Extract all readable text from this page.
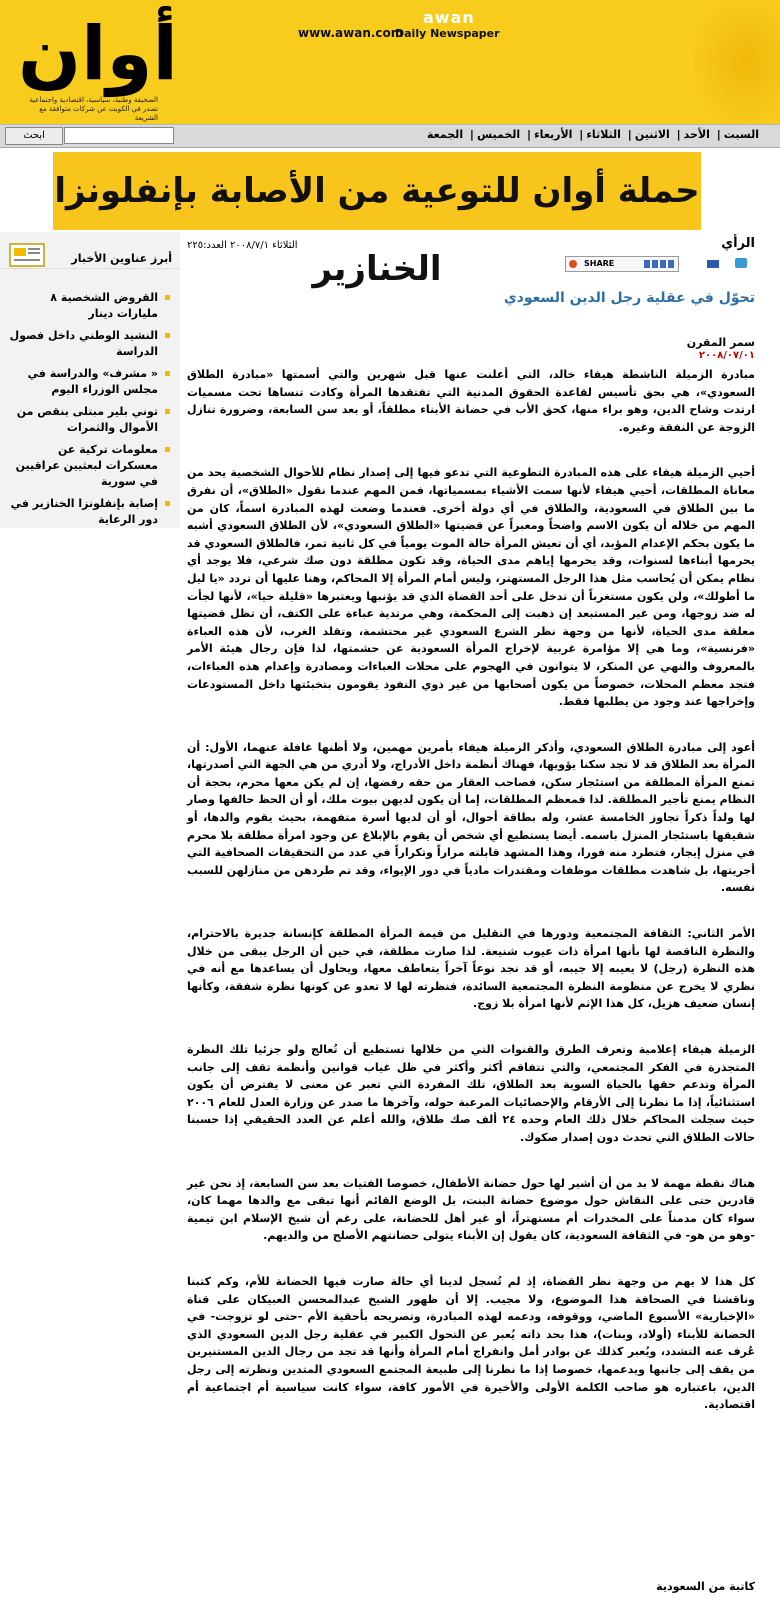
أوان
الصحيفة وطنية، سياسية، اقتصادية واجتماعية تصدر في الكويت عن شركات متوافقة مع الشريعة
www.awan.com
awan
Daily Newspaper
ابحث	السبت| الأحد| الاثنين| الثلاثاء| الأربعاء| الخميس| الجمعة
حملة أوان للتوعية من الأصابة بإنفلونزا الخنازير
أبرز عناوين الأخبار
القروض الشخصية ٨ مليارات دينار
النشيد الوطني داخل فصول الدراسة
« مشرف» والدراسة في مجلس الوزراء اليوم
توني بلير مبتلى بنقص من الأموال والثمرات
معلومات تركية عن معسكرات لبعثيين عراقيين في سورية
إصابة بإنفلونزا الخنازير في دور الرعاية
الرأي
الثلاثاء ٢٠٠٨/٧/١ العدد:٢٢٥
SHARE
تحوّل في عقلية رجل الدين السعودي
سمر المقرن
٢٠٠٨/٠٧/٠١

مبادرة الزميلة الناشطة هيفاء خالد، التي أعلنت عنها قبل شهرين والتي أسمتها «مبادرة الطلاق السعودي»، هي بحق تأسيس لقاعدة الحقوق المدنية التي تفتقدها المرأة وكادت تنساها تحت مسميات ارتدت وشاح الدين، وهو براء منها، كحق الأب في حضانة الأبناء مطلقاً، أو بعد سن السابعة، وضرورة تنازل الزوجة عن النفقة وغيره.

أحيي الزميلة هيفاء على هذه المبادرة التطوعية التي تدعو فيها إلى إصدار نظام للأحوال الشخصية يحد من معاناة المطلقات، أحيي هيفاء لأنها سمت الأشياء بمسمياتها، فمن المهم عندما نقول «الطلاق»، أن نفرق ما بين الطلاق في السعودية، والطلاق في أي دولة أخرى. فعندما وضعت لهذه المبادرة اسماً، كان من المهم من خلاله أن يكون الاسم واضحاً ومعبراً عن قضيتها «الطلاق السعودي»، لأن الطلاق السعودي أشبه ما يكون بحكم الإعدام المؤبد، أي أن تعيش المرأة حالة الموت يومياً في كل ثانية تمر، فالطلاق السعودي قد يحرمها أبناءها لسنوات، وقد يحرمها إياهم مدى الحياة، وقد تكون مطلقة دون صك شرعي، فلا يوجد أي نظام يمكن أن يُحاسب مثل هذا الرجل المستهتر، وليس أمام المرأة إلا المحاكم، وهنا عليها أن تردد «يا ليل ما أطولك»، ولن يكون مستغرباً أن تدخل على أحد القضاة الذي قد يؤنبها ويعتبرها «قليلة حيا»، لأنها لجأت له ضد زوجها، ومن غير المستبعد إن ذهبت إلى المحكمة، وهي مرتدية عباءة على الكتف، أن تظل قضيتها معلقة مدى الحياة، لأنها من وجهة نظر الشرع السعودي غير محتشمة، وتقلد الغرب، لأن هذه العباءة «فرنسية»، وما هي إلا مؤامرة غربية لإخراج المرأة السعودية عن حشمتها، لذا فإن رجال هيئة الأمر بالمعروف والنهي عن المنكر، لا يتوانون في الهجوم على محلات العباءات ومصادرة وإعدام هذه العباءات، فتجد معظم المحلات، خصوصاً من يكون أصحابها من غير ذوي النفوذ يقومون بتخبئتها داخل المستودعات وإخراجها عند وجود من يطلبها فقط.

أعود إلى مبادرة الطلاق السعودي، وأذكر الزميلة هيفاء بأمرين مهمين، ولا أظنها غافلة عنهما، الأول: أن المرأة بعد الطلاق قد لا تجد سكنا يؤويها، فهناك أنظمة داخل الأدراج، ولا أدري من هي الجهة التي أصدرتها، تمنع المرأة المطلقة من استئجار سكن، فصاحب العقار من حقه رفضها، إن لم يكن معها محرم، بحجة أن النظام يمنع تأجير المطلقة. لذا فمعظم المطلقات، إما أن يكون لديهن بيوت ملك، أو أن الحظ حالفها وصار لها ولداً ذكراً تجاوز الخامسة عشر، وله بطاقة أحوال، أو أن لديها أسرة متفهمة، بحيث يقوم والدها، أو شقيقها باستئجار المنزل باسمه. أيضا يستطيع أي شخص أن يقوم بالإبلاغ عن وجود امرأة مطلقة بلا محرم في منزل إيجار، فتطرد منه فورا، وهذا المشهد قابلته مراراً وتكراراً في عدد من التحقيقات الصحافية التي أجريتها، بل شاهدت مطلقات موظفات ومقتدرات مادياً في دور الإيواء، وقد تم طردهن من منازلهن للسبب نفسه.

الأمر الثاني: الثقافة المجتمعية ودورها في التقليل من قيمة المرأة المطلقة كإنسانة جديرة بالاحترام، والنظرة الناقصة لها بأنها امرأة ذات عيوب شنيعة. لذا صارت مطلقة، في حين أن الرجل يبقى من خلال هذه النظرة (رجل) لا يعيبه إلا جيبه، أو قد نجد نوعاً آخراً يتعاطف معها، ويحاول أن يساعدها مع أنه في نظري لا يخرج عن منظومة النظرة المجتمعية السائدة، فنظرته لها لا تعدو عن كونها نظرة شفقة، وكأنها إنسان ضعيف هزيل، كل هذا الإثم لأنها امرأة بلا زوج.

الزميلة هيفاء إعلامية وتعرف الطرق والقنوات التي من خلالها تستطيع أن تُعالج ولو جزئيا تلك النظرة المتجذرة في الفكر المجتمعي، والتي تتفاقم أكثر وأكثر في ظل غياب قوانين وأنظمة تقف إلى جانب المرأة وتدعم حقها بالحياة السوية بعد الطلاق، تلك المفردة التي تعبر عن معنى لا يفترض أن يكون استثنائياً، إذا ما نظرنا إلى الأرقام والإحصائيات المرعبة حوله، وآخرها ما صدر عن وزارة العدل للعام ٢٠٠٦ حيث سجلت المحاكم خلال ذلك العام وحده ٢٤ ألف صك طلاق، والله أعلم عن العدد الحقيقي إذا حسبنا حالات الطلاق التي تحدث دون إصدار صكوك.

هناك نقطة مهمة لا بد من أن أشير لها حول حضانة الأطفال، خصوصا الفتيات بعد سن السابعة، إذ نحن غير قادرين حتى على النقاش حول موضوع حضانة البنت، بل الوضع القائم أنها تبقى مع والدها مهما كان، سواء كان مدمناً على المخدرات أم مستهتراً، أو غير أهل للحضانة، على رغم أن شيخ الإسلام ابن تيمية -وهو من هو- في الثقافة السعودية، كان يقول إن الأبناء يتولى حضانتهم الأصلح من والديهم.

كل هذا لا يهم من وجهة نظر القضاة، إذ لم تُسجل لدينا أي حالة صارت فيها الحضانة للأم، وكم كتبنا وناقشنا في الصحافة هذا الموضوع، ولا مجيب. إلا أن ظهور الشيخ عبدالمحسن العبيكان على قناة «الإخبارية» الأسبوع الماضي، ووقوفه، ودعمه لهذه المبادرة، وتصريحه بأحقية الأم -حتى لو تزوجت- في الحضانة للأبناء (أولاد، وبنات)، هذا بحد ذاته يُعبر عن التحول الكبير في عقلية رجل الدين السعودي الذي عُرف عنه التشدد، ويُعبر كذلك عن بوادر أمل وانفراج أمام المرأة وأنها قد تجد من رجال الدين المستنيرين من يقف إلى جانبها ويدعمها، خصوصا إذا ما نظرنا إلى طبيعة المجتمع السعودي المتدين ونظرته إلى رجل الدين، باعتباره هو صاحب الكلمة الأولى والأخيرة في الأمور كافة، سواء كانت سياسية أم اجتماعية أم اقتصادية.

كاتبة من السعودية
